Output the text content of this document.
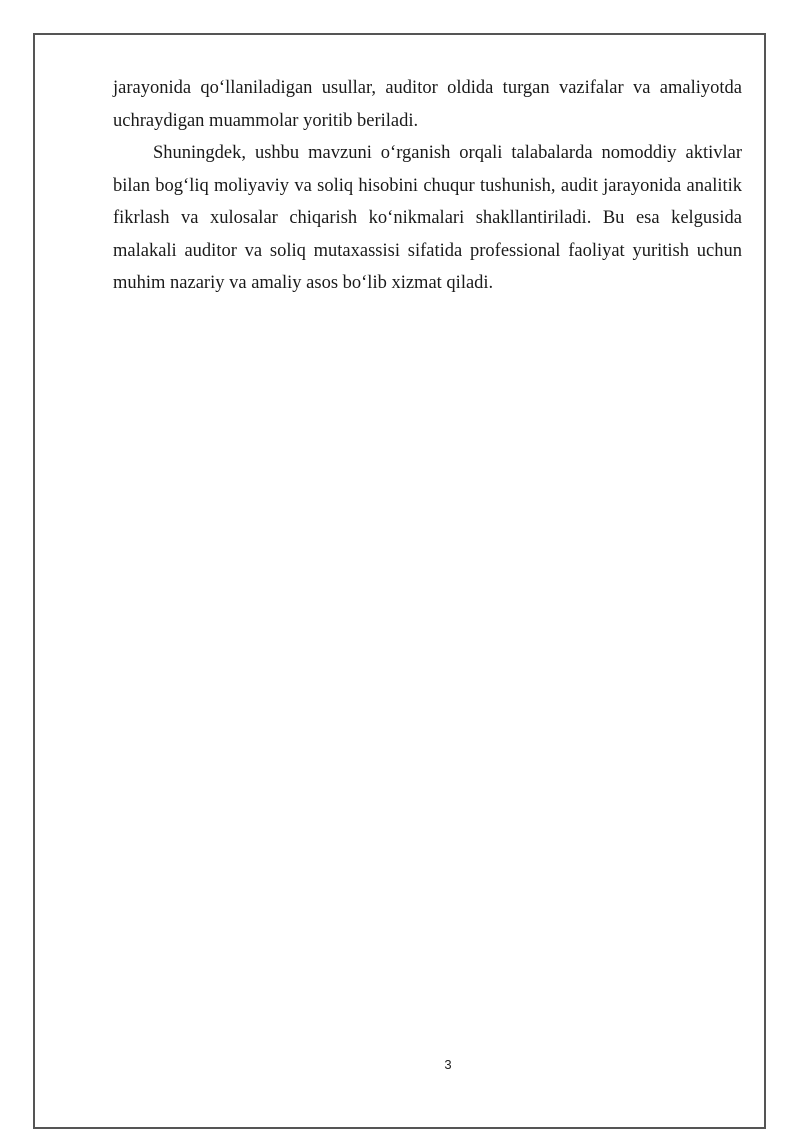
jarayonida qo‘llaniladigan usullar, auditor oldida turgan vazifalar va amaliyotda uchraydigan muammolar yoritib beriladi.

Shuningdek, ushbu mavzuni o‘rganish orqali talabalarda nomoddiy aktivlar bilan bog‘liq moliyaviy va soliq hisobini chuqur tushunish, audit jarayonida analitik fikrlash va xulosalar chiqarish ko‘nikmalari shakllantiriladi. Bu esa kelgusida malakali auditor va soliq mutaxassisi sifatida professional faoliyat yuritish uchun muhim nazariy va amaliy asos bo‘lib xizmat qiladi.

3
